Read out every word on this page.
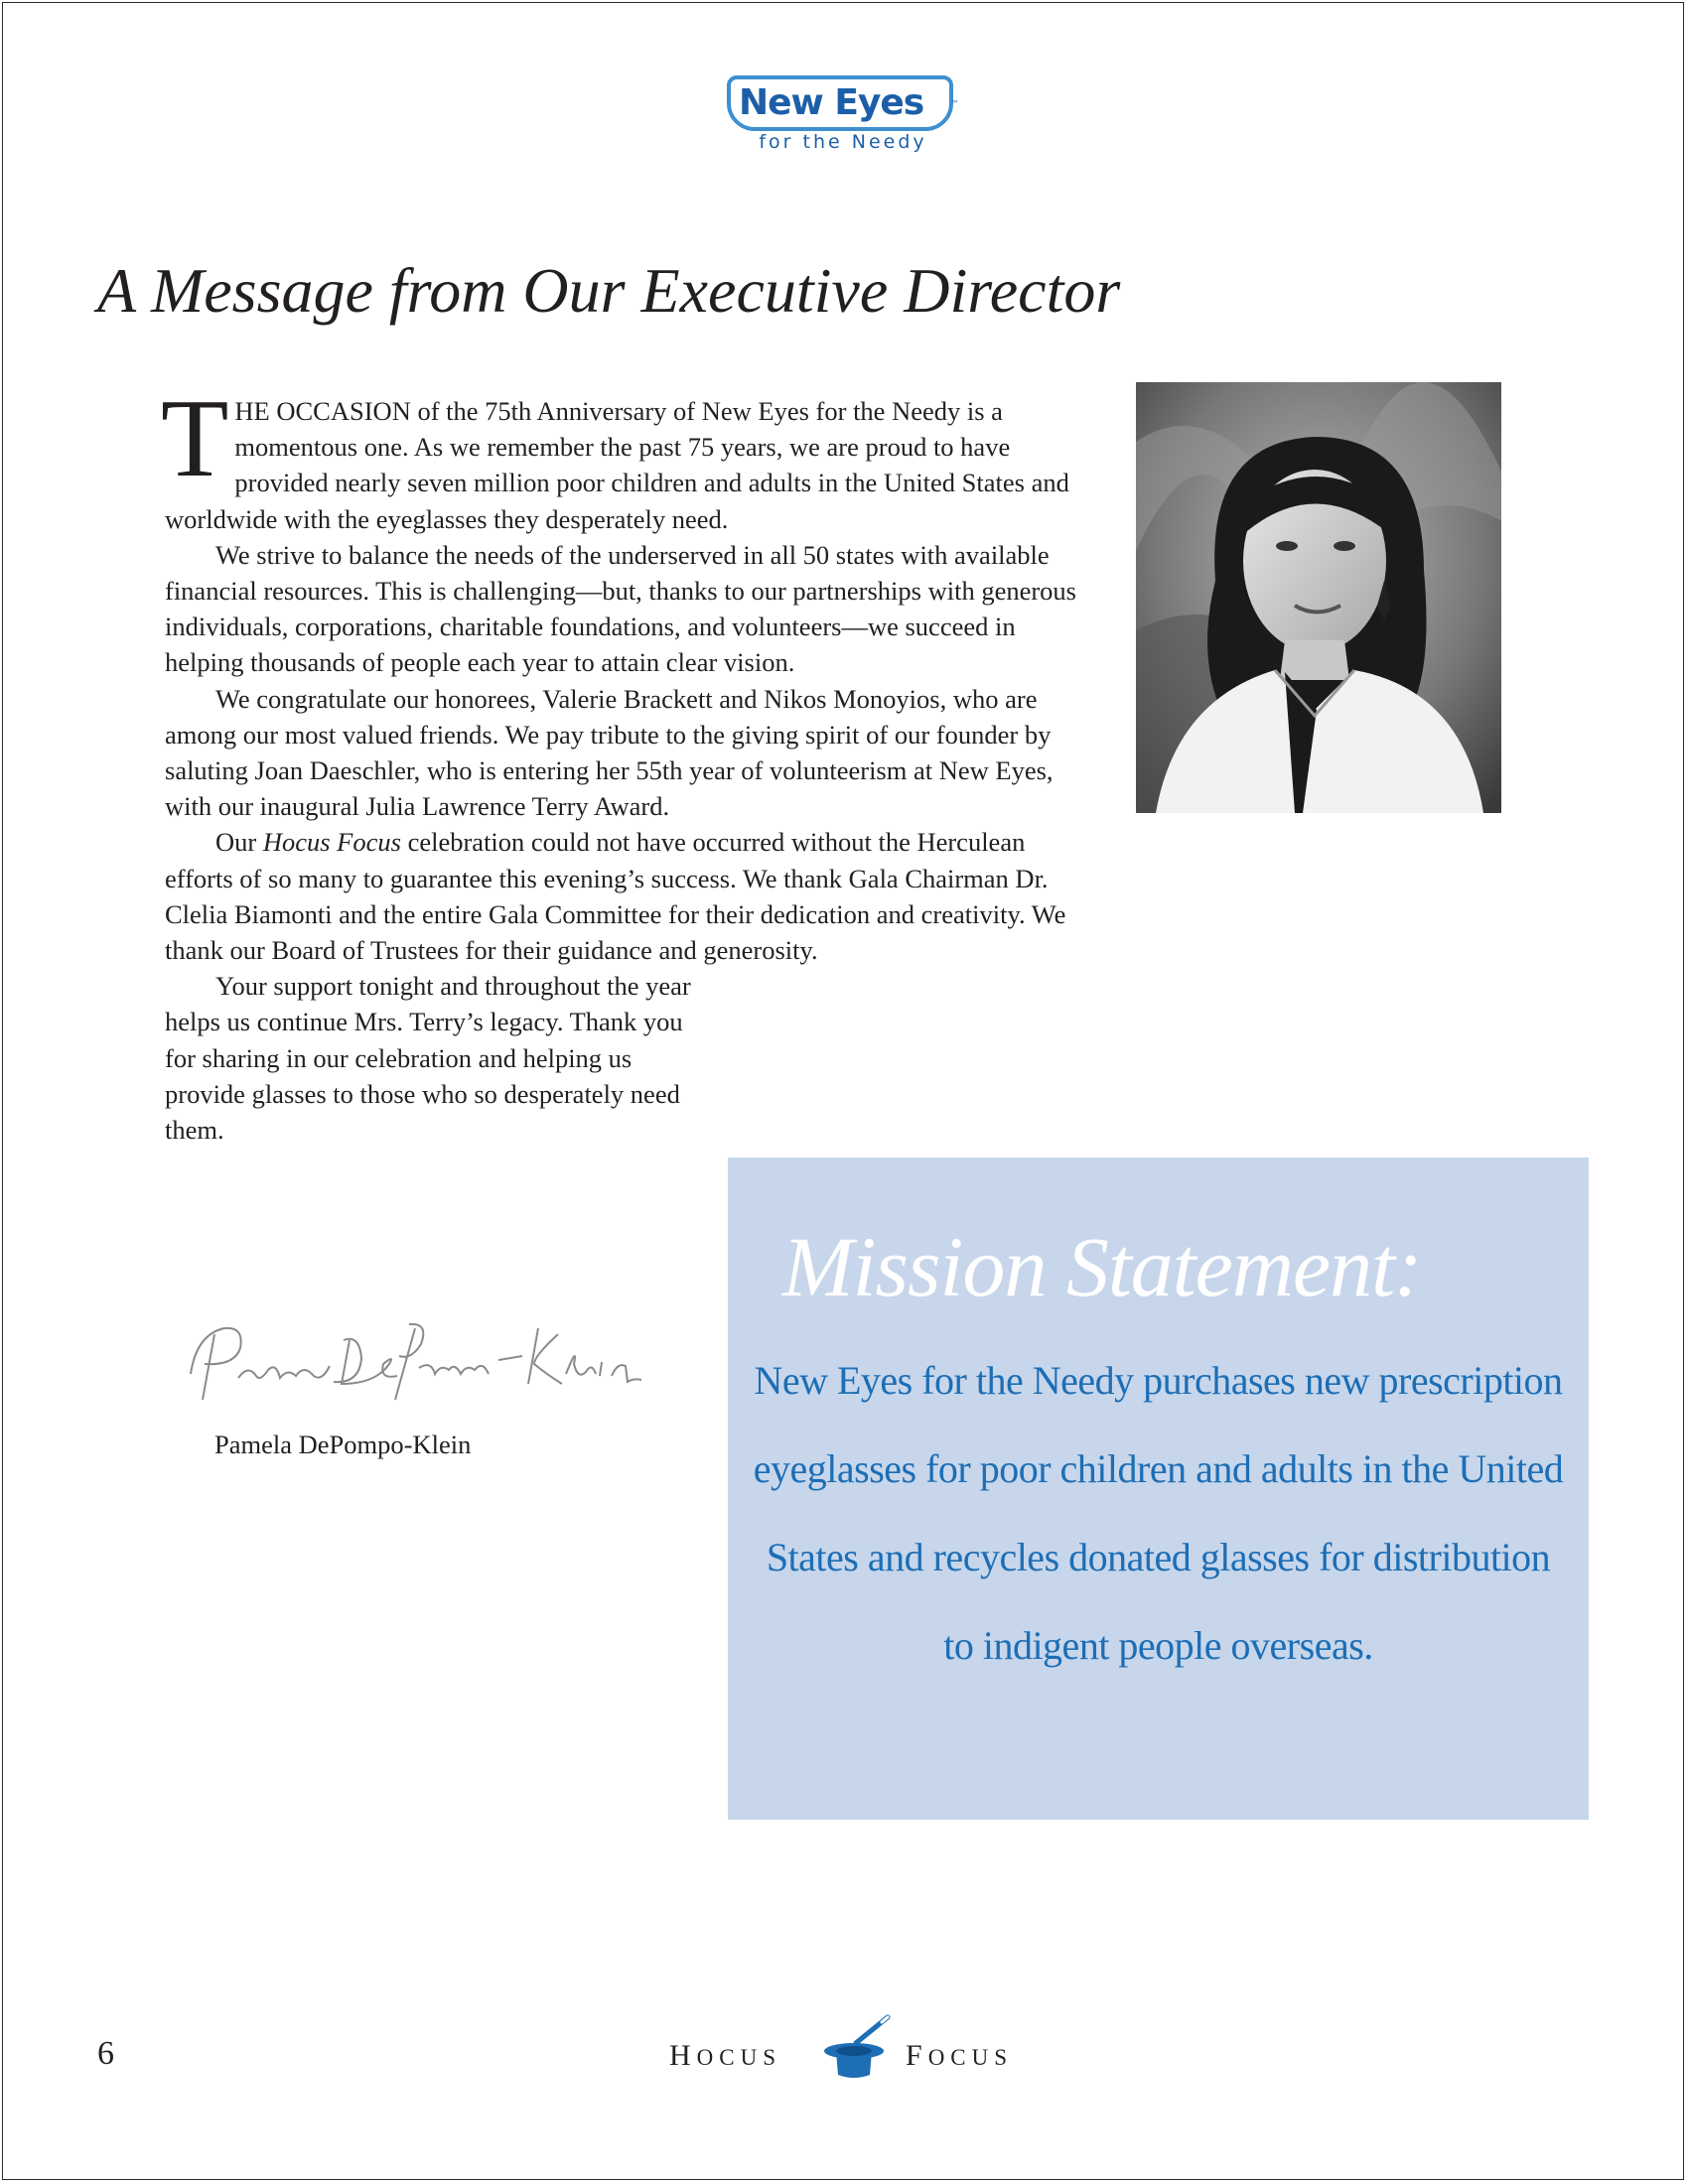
New Eyes	™
for the Needy
A Message from Our Executive Director

THE OCCASION of the 75th Anniversary of New Eyes for the Needy is a momentous one. As we remember the past 75 years, we are proud to have provided nearly seven million poor children and adults in the United States and worldwide with the eyeglasses they desperately need.

We strive to balance the needs of the underserved in all 50 states with available financial resources. This is challenging—but, thanks to our partnerships with generous individuals, corporations, charitable foundations, and volunteers—we succeed in helping thousands of people each year to attain clear vision.

We congratulate our honorees, Valerie Brackett and Nikos Monoyios, who are among our most valued friends. We pay tribute to the giving spirit of our founder by saluting Joan Daeschler, who is entering her 55th year of volunteerism at New Eyes, with our inaugural Julia Lawrence Terry Award.

Our Hocus Focus celebration could not have occurred without the Herculean efforts of so many to guarantee this evening’s success. We thank Gala Chairman Dr. Clelia Biamonti and the entire Gala Committee for their dedication and creativity. We thank our Board of Trustees for their guidance and generosity.

Your support tonight and throughout the year helps us continue Mrs. Terry’s legacy. Thank you for sharing in our celebration and helping us provide glasses to those who so desperately need them.

Pamela DePompo-Klein
Mission Statement:
New Eyes for the Needy purchases new prescription eyeglasses for poor children and adults in the United States and recycles donated glasses for distribution to indigent people overseas.
6	HOCUS	FOCUS
